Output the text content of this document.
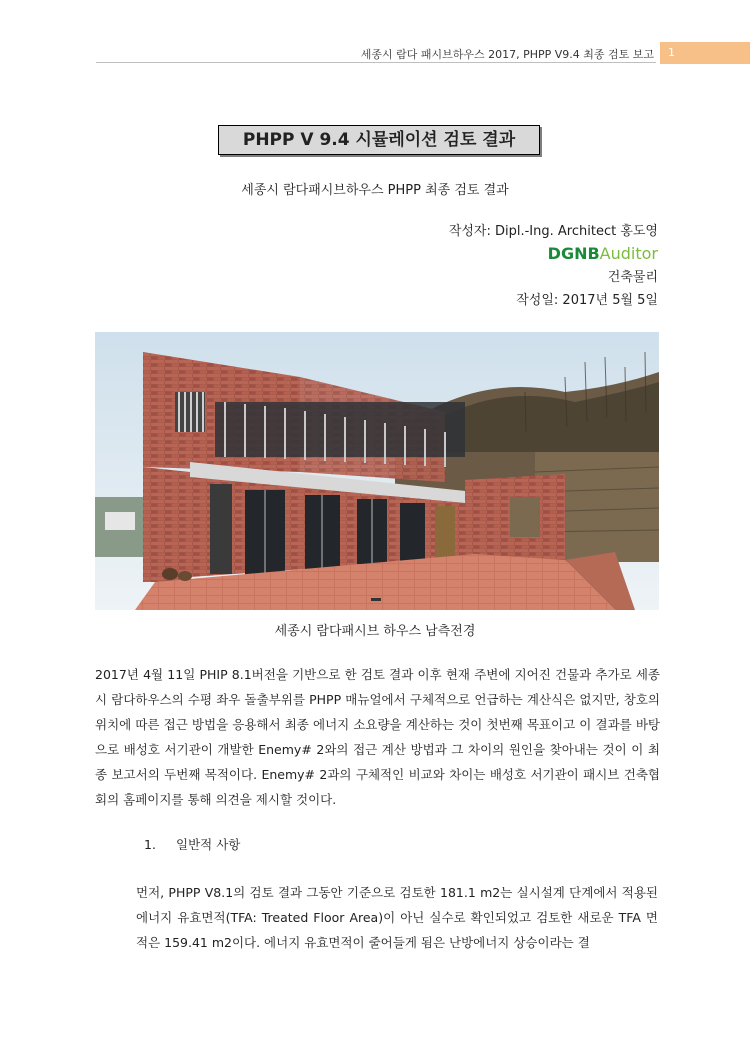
세종시 람다 패시브하우스 2017, PHPP V9.4 최종 검토 보고 1
PHPP V 9.4 시뮬레이션 검토 결과
세종시 람다패시브하우스 PHPP 최종 검토 결과
작성자: Dipl.-Ing. Architect 홍도영
DGNBAuditor
건축물리
작성일: 2017년 5월 5일
세종시 람다패시브 하우스 남측전경
2017년 4월 11일 PHIP 8.1버전을 기반으로 한 검토 결과 이후 현재 주변에 지어진 건물과 추가로 세종시 람다하우스의 수평 좌우 돌출부위를 PHPP 매뉴얼에서 구체적으로 언급하는 계산식은 없지만, 창호의 위치에 따른 접근 방법을 응용해서 최종 에너지 소요량을 계산하는 것이 첫번째 목표이고 이 결과를 바탕으로 배성호 서기관이 개발한 Enemy# 2와의 접근 계산 방법과 그 차이의 원인을 찾아내는 것이 이 최종 보고서의 두번째 목적이다. Enemy# 2과의 구체적인 비교와 차이는 배성호 서기관이 패시브 건축협회의 홈페이지를 통해 의견을 제시할 것이다.
1. 일반적 사항
먼저, PHPP V8.1의 검토 결과 그동안 기준으로 검토한 181.1 m2는 실시설계 단계에서 적용된 에너지 유효면적(TFA: Treated Floor Area)이 아닌 실수로 확인되었고 검토한 새로운 TFA 면적은 159.41 m2이다. 에너지 유효면적이 줄어들게 됨은 난방에너지 상승이라는 결
